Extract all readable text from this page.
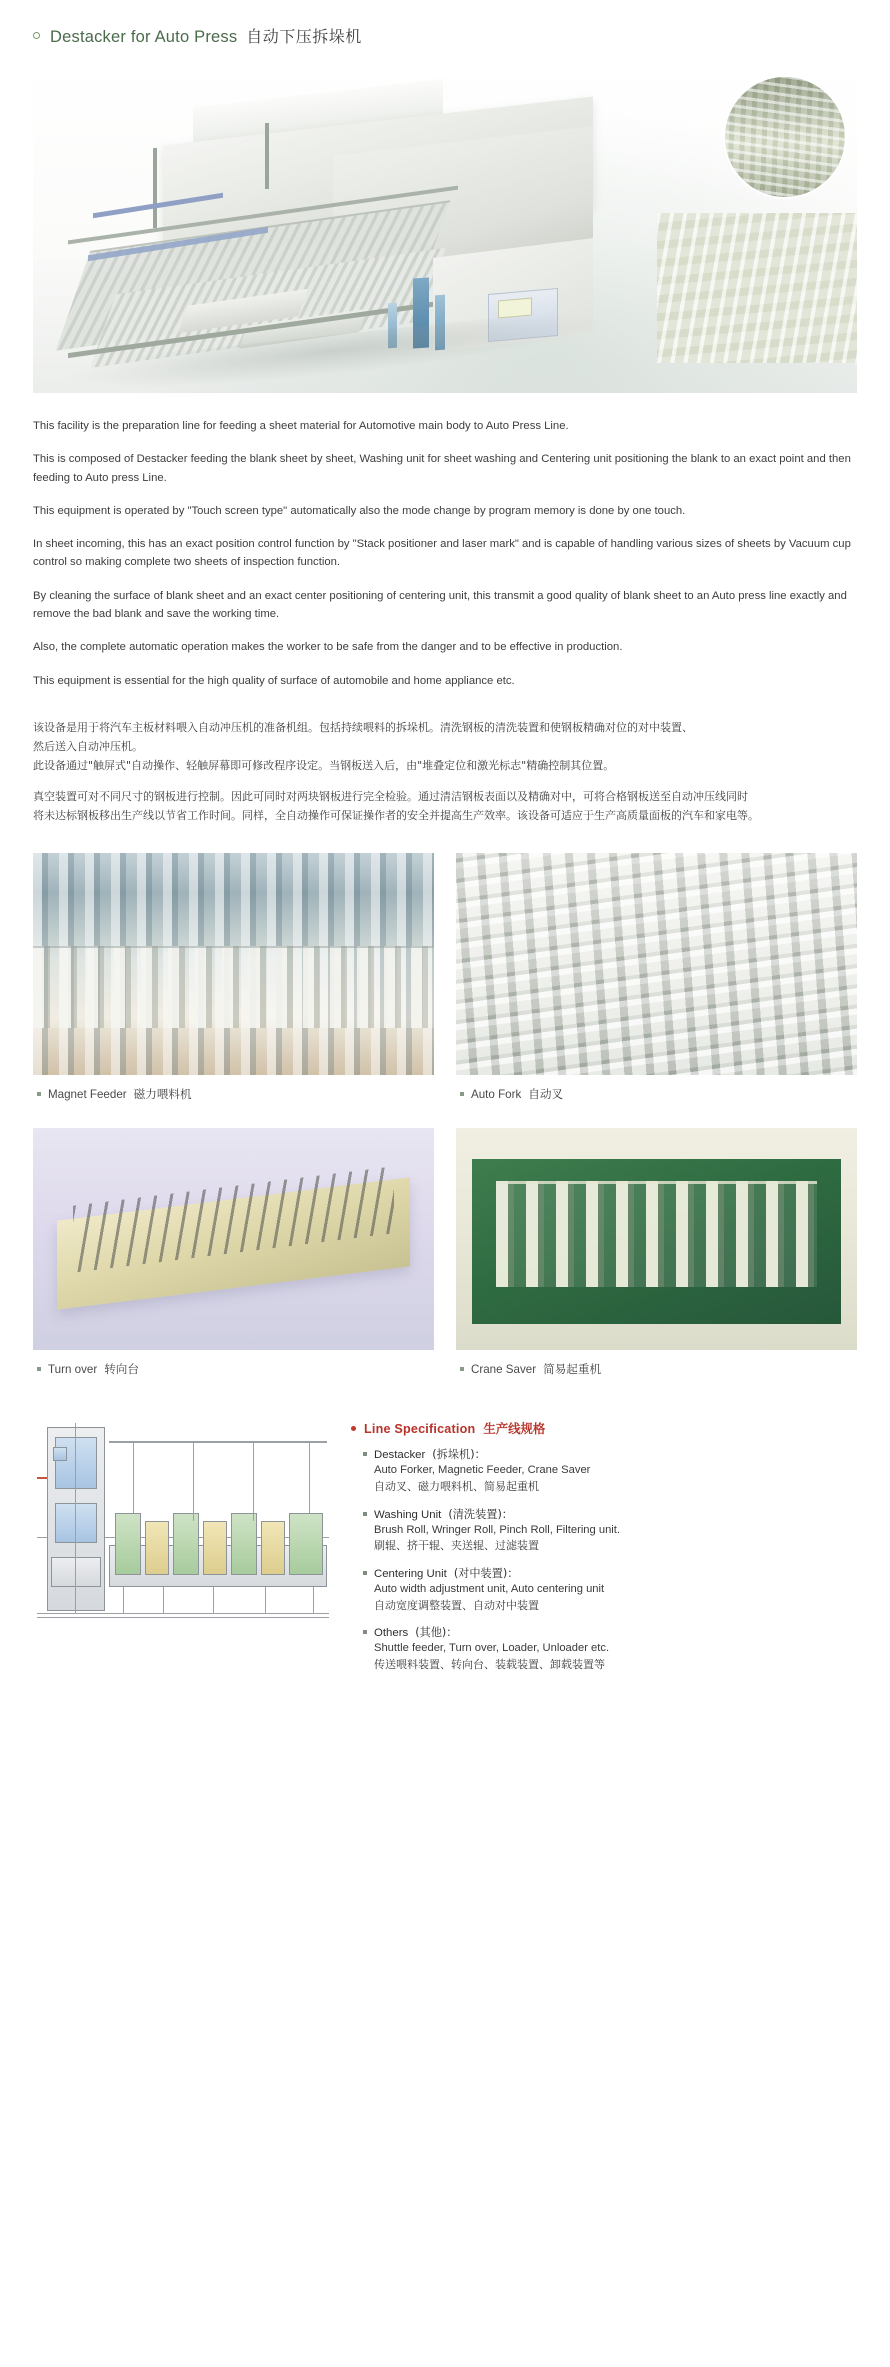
Destacker for Auto Press 自动下压拆垛机

This facility is the preparation line for feeding a sheet material for Automotive main body to Auto Press Line.

This is composed of Destacker feeding the blank sheet by sheet, Washing unit for sheet washing and Centering unit positioning the blank to an exact point and then feeding to Auto press Line.

This equipment is operated by "Touch screen type" automatically also the mode change by program memory is done by one touch.

In sheet incoming, this has an exact position control function by "Stack positioner and laser mark" and is capable of handling various sizes of sheets by Vacuum cup control so making complete two sheets of inspection function.

By cleaning the surface of blank sheet and an exact center positioning of centering unit, this transmit a good quality of blank sheet to an Auto press line exactly and remove the bad blank and save the working time.

Also, the complete automatic operation makes the worker to be safe from the danger and to be effective in production.

This equipment is essential for the high quality of surface of automobile and home appliance etc.

该设备是用于将汽车主板材料喂入自动冲压机的准备机组。包括持续喂料的拆垛机。清洗钢板的清洗装置和使钢板精确对位的对中装置、

然后送入自动冲压机。

此设备通过"触屏式"自动操作、轻触屏幕即可修改程序设定。当钢板送入后，由"堆叠定位和激光标志"精确控制其位置。

真空装置可对不同尺寸的钢板进行控制。因此可同时对两块钢板进行完全检验。通过清洁钢板表面以及精确对中，可将合格钢板送至自动冲压线同时

将未达标钢板移出生产线以节省工作时间。同样，全自动操作可保证操作者的安全并提高生产效率。该设备可适应于生产高质量面板的汽车和家电等。

Magnet Feeder 磁力喂料机	Auto Fork 自动叉
Turn over 转向台	Crane Saver 简易起重机
Line Specification 生产线规格
Destacker (拆垛机)：
Auto Forker, Magnetic Feeder, Crane Saver
自动叉、磁力喂料机、简易起重机
Washing Unit (清洗装置)：
Brush Roll, Wringer Roll, Pinch Roll, Filtering unit.
刷辊、挤干辊、夹送辊、过滤装置
Centering Unit (对中装置)：
Auto width adjustment unit, Auto centering unit
自动宽度调整装置、自动对中装置
Others (其他)：
Shuttle feeder, Turn over, Loader, Unloader etc.
传送喂料装置、转向台、装载装置、卸载装置等
